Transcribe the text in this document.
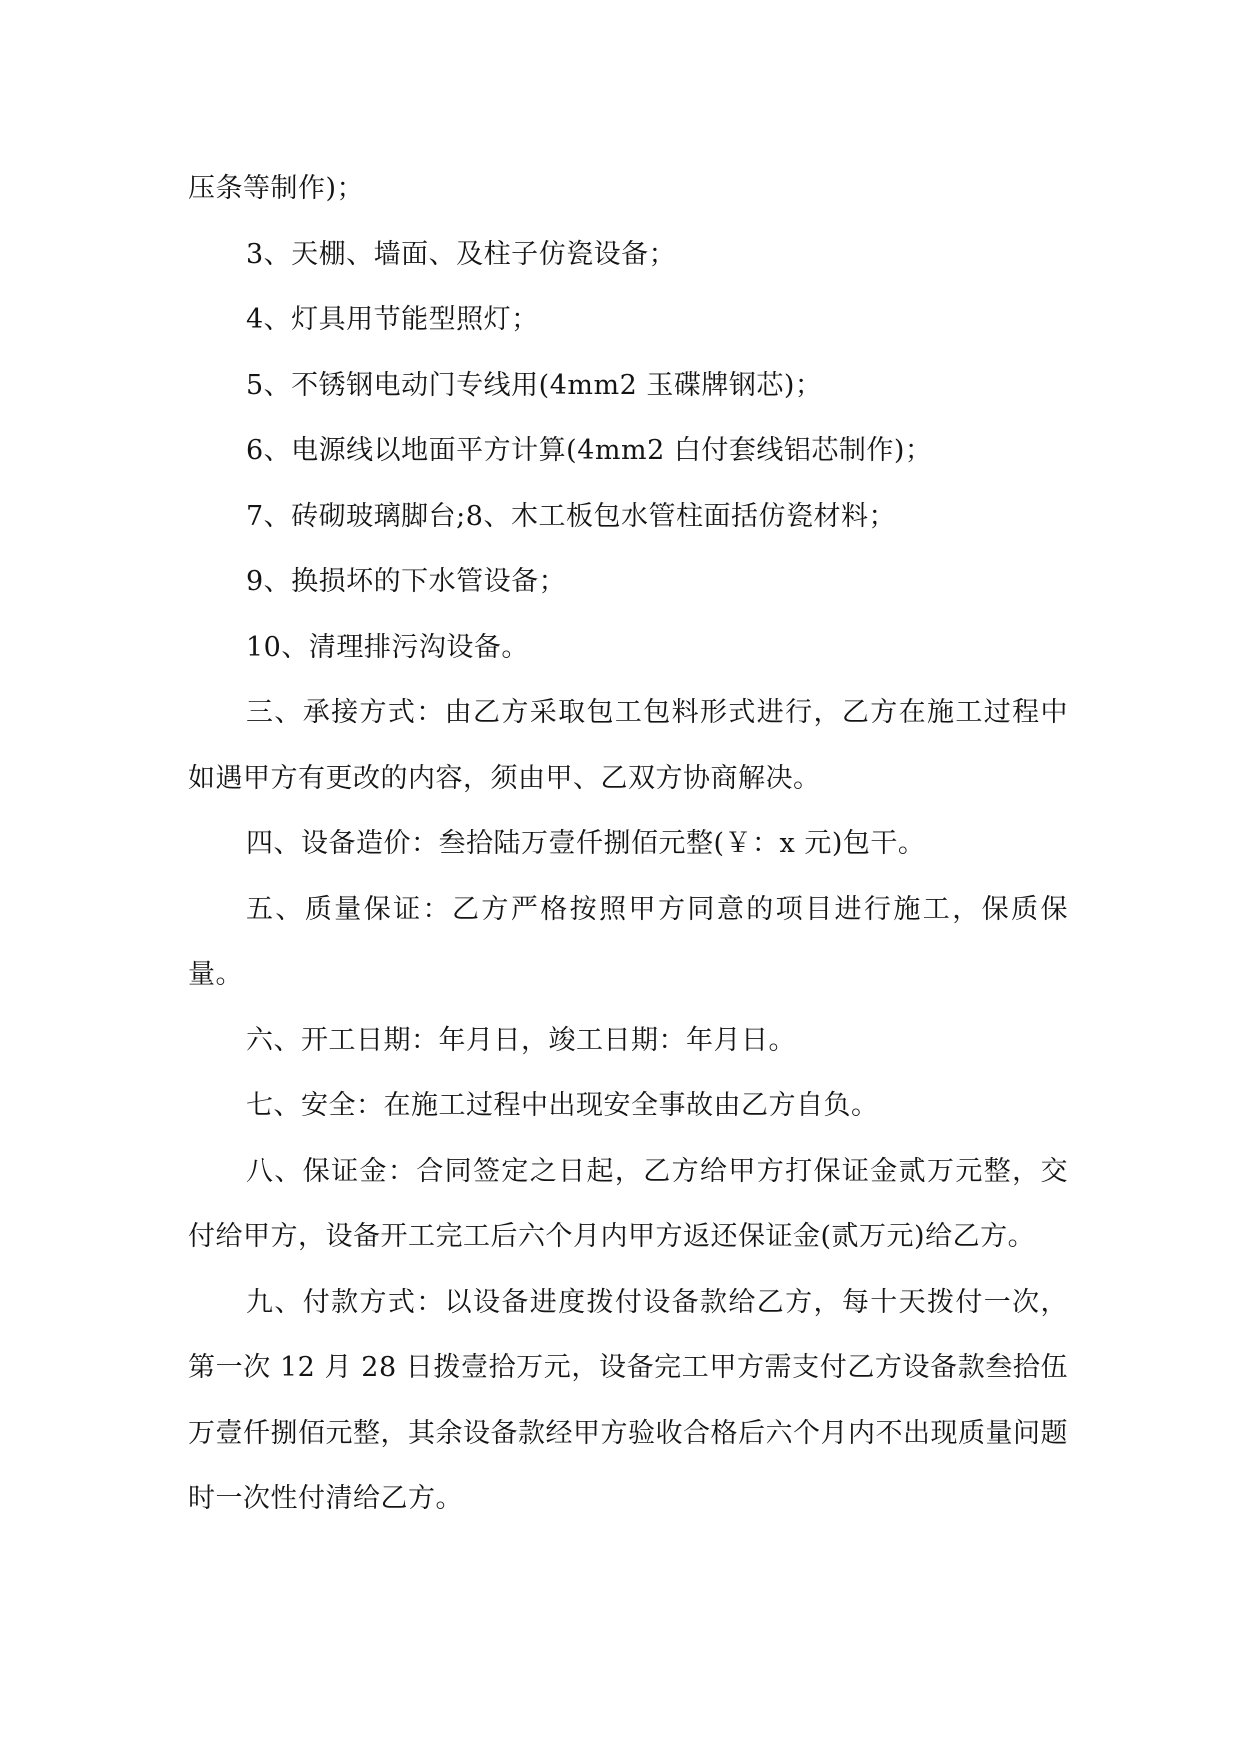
压条等制作)；

3、天棚、墙面、及柱子仿瓷设备；

4、灯具用节能型照灯；

5、不锈钢电动门专线用(4mm2 玉碟牌钢芯)；

6、电源线以地面平方计算(4mm2 白付套线铝芯制作)；

7、砖砌玻璃脚台;8、木工板包水管柱面括仿瓷材料；

9、换损坏的下水管设备；

10、清理排污沟设备。

三、承接方式：由乙方采取包工包料形式进行，乙方在施工过程中如遇甲方有更改的内容，须由甲、乙双方协商解决。

四、设备造价：叁拾陆万壹仟捌佰元整(￥：x 元)包干。

五、质量保证：乙方严格按照甲方同意的项目进行施工，保质保量。

六、开工日期：年月日，竣工日期：年月日。

七、安全：在施工过程中出现安全事故由乙方自负。

八、保证金：合同签定之日起，乙方给甲方打保证金贰万元整，交付给甲方，设备开工完工后六个月内甲方返还保证金(贰万元)给乙方。

九、付款方式：以设备进度拨付设备款给乙方，每十天拨付一次，第一次 12 月 28 日拨壹拾万元，设备完工甲方需支付乙方设备款叁拾伍万壹仟捌佰元整，其余设备款经甲方验收合格后六个月内不出现质量问题时一次性付清给乙方。
